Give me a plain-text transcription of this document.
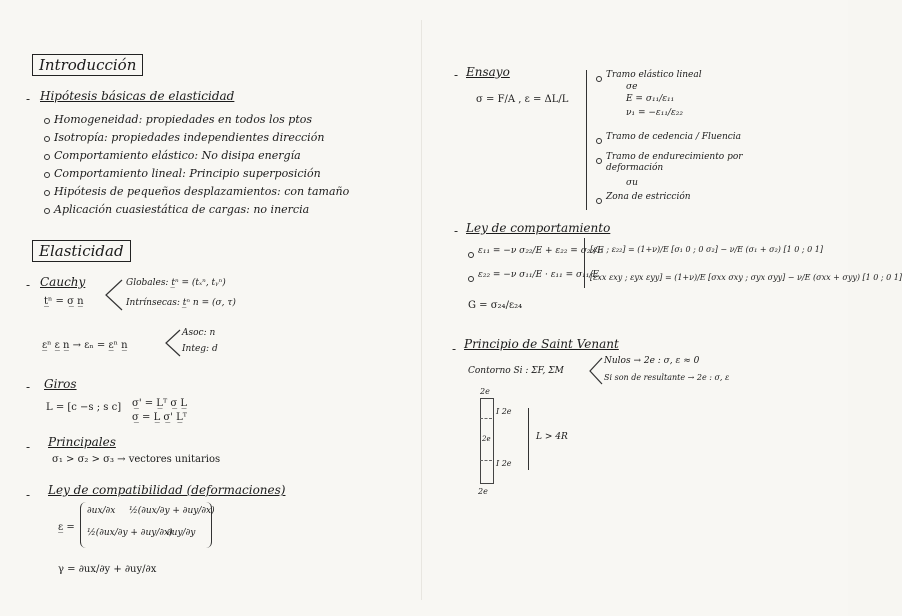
Introducción
- Hipótesis básicas de elasticidad
Homogeneidad: propiedades en todos los ptos
Isotropía: propiedades independientes dirección
Comportamiento elástico: No disipa energía
Comportamiento lineal: Principio superposición
Hipótesis de pequeños desplazamientos: con tamaño
Aplicación cuasiestática de cargas: no inercia
Elasticidad
- Cauchy
t̲ⁿ = σ̲ n̲
Globales: t̲ⁿ = (tₓⁿ, tᵧⁿ)
Intrínsecas: t̲ⁿ n = (σ, τ)
ε̲ⁿ ε̲ n̲ → εₙ = ε̲ⁿ n̲
Asoc: n
Integ: d
- Giros
L = [c −s ; s c] σ̲' = L̲ᵀ σ̲ L̲
σ̲ = L̲ σ̲' L̲ᵀ
- Principales
σ₁ > σ₂ > σ₃ → vectores unitarios
- Ley de compatibilidad (deformaciones)
ε̲ =
∂ux/∂x ½(∂ux/∂y + ∂uy/∂x)
½(∂ux/∂y + ∂uy/∂x)
∂uy/∂y
γ = ∂ux/∂y + ∂uy/∂x
- Ensayo
σ = F/A , ε = ΔL/L
Tramo elástico lineal
σe
E = σ₁₁/ε₁₁
ν₁ = −ε₁₁/ε₂₂
Tramo de cedencia / Fluencia
Tramo de endurecimiento por deformación
σu
Zona de estricción
- Ley de comportamiento
ε₁₁ = −ν σ₂₂/E + ε₂₂ = σ₂₂/E
ε₂₂ = −ν σ₁₁/E · ε₁₁ = σ₁₁/E
[ε₁₁ ; ε₂₂] = (1+ν)/E [σ₁ 0 ; 0 σ₂] − ν/E (σ₁ + σ₂) [1 0 ; 0 1]
[εxx εxy ; εyx εyy] = (1+ν)/E [σxx σxy ; σyx σyy] − ν/E (σxx + σyy) [1 0 ; 0 1]
G = σ₂₄/ε₂₄
- Principio de Saint Venant
Contorno Si : ΣF, ΣM
Nulos → 2e : σ, ε ≈ 0
Si son de resultante → 2e : σ, ε
2e
I 2e
2e
I 2e
L > 4R
2e
